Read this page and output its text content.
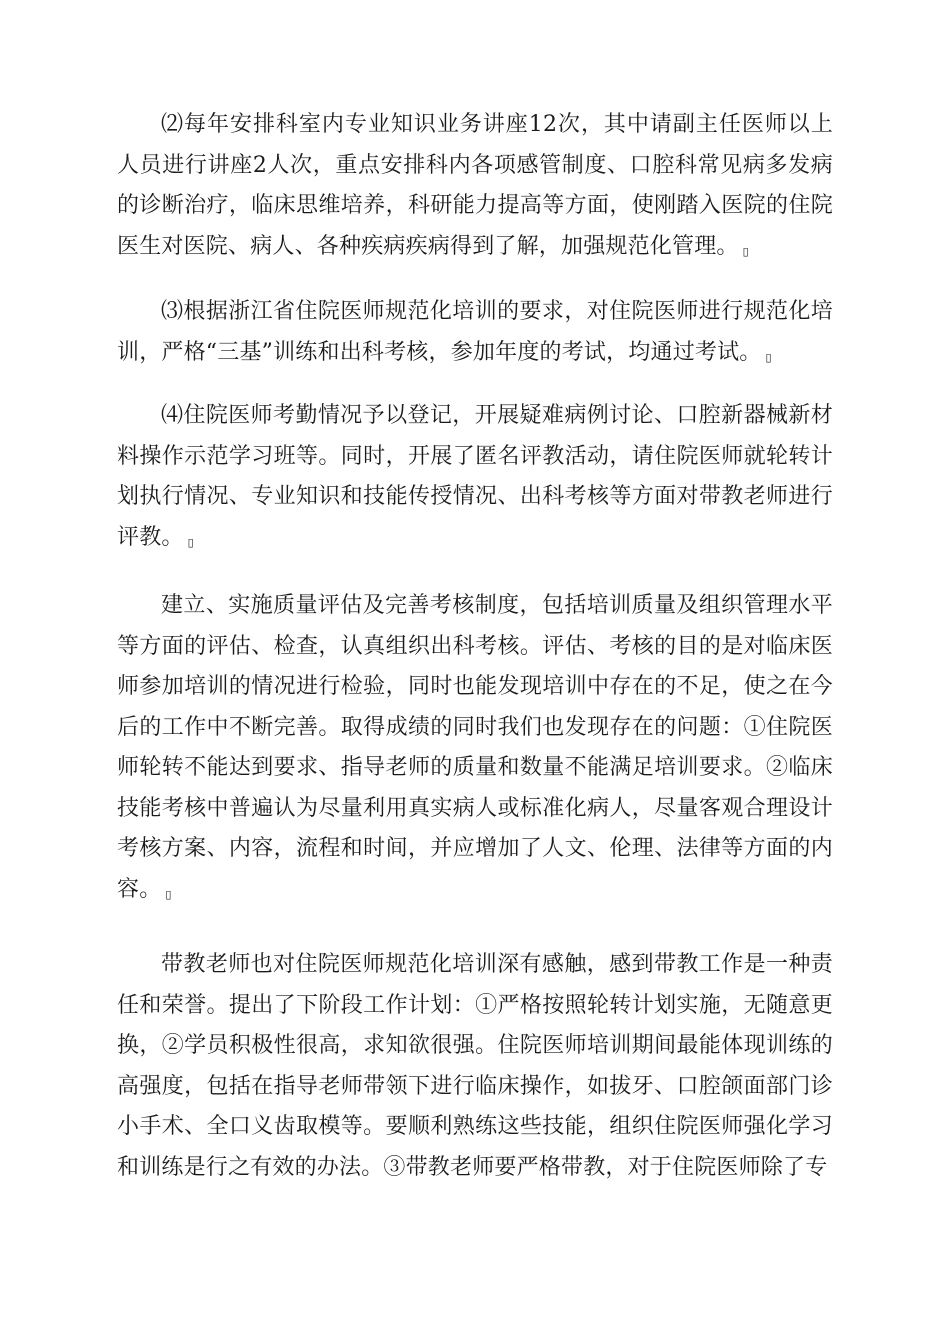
⑵每年安排科室内专业知识业务讲座12次，其中请副主任医师以上人员进行讲座2人次，重点安排科内各项感管制度、口腔科常见病多发病的诊断治疗，临床思维培养，科研能力提高等方面，使刚踏入医院的住院医生对医院、病人、各种疾病疾病得到了解，加强规范化管理。 ▯

⑶根据浙江省住院医师规范化培训的要求，对住院医师进行规范化培训，严格“三基”训练和出科考核，参加年度的考试，均通过考试。 ▯

⑷住院医师考勤情况予以登记，开展疑难病例讨论、口腔新器械新材料操作示范学习班等。同时，开展了匿名评教活动，请住院医师就轮转计划执行情况、专业知识和技能传授情况、出科考核等方面对带教老师进行评教。 ▯

建立、实施质量评估及完善考核制度，包括培训质量及组织管理水平等方面的评估、检查，认真组织出科考核。评估、考核的目的是对临床医师参加培训的情况进行检验，同时也能发现培训中存在的不足，使之在今后的工作中不断完善。取得成绩的同时我们也发现存在的问题：①住院医师轮转不能达到要求、指导老师的质量和数量不能满足培训要求。②临床技能考核中普遍认为尽量利用真实病人或标准化病人，尽量客观合理设计考核方案、内容，流程和时间，并应增加了人文、伦理、法律等方面的内容。 ▯

带教老师也对住院医师规范化培训深有感触，感到带教工作是一种责任和荣誉。提出了下阶段工作计划：①严格按照轮转计划实施，无随意更换，②学员积极性很高，求知欲很强。住院医师培训期间最能体现训练的高强度，包括在指导老师带领下进行临床操作，如拔牙、口腔颌面部门诊小手术、全口义齿取模等。要顺利熟练这些技能，组织住院医师强化学习和训练是行之有效的办法。③带教老师要严格带教，对于住院医师除了专
